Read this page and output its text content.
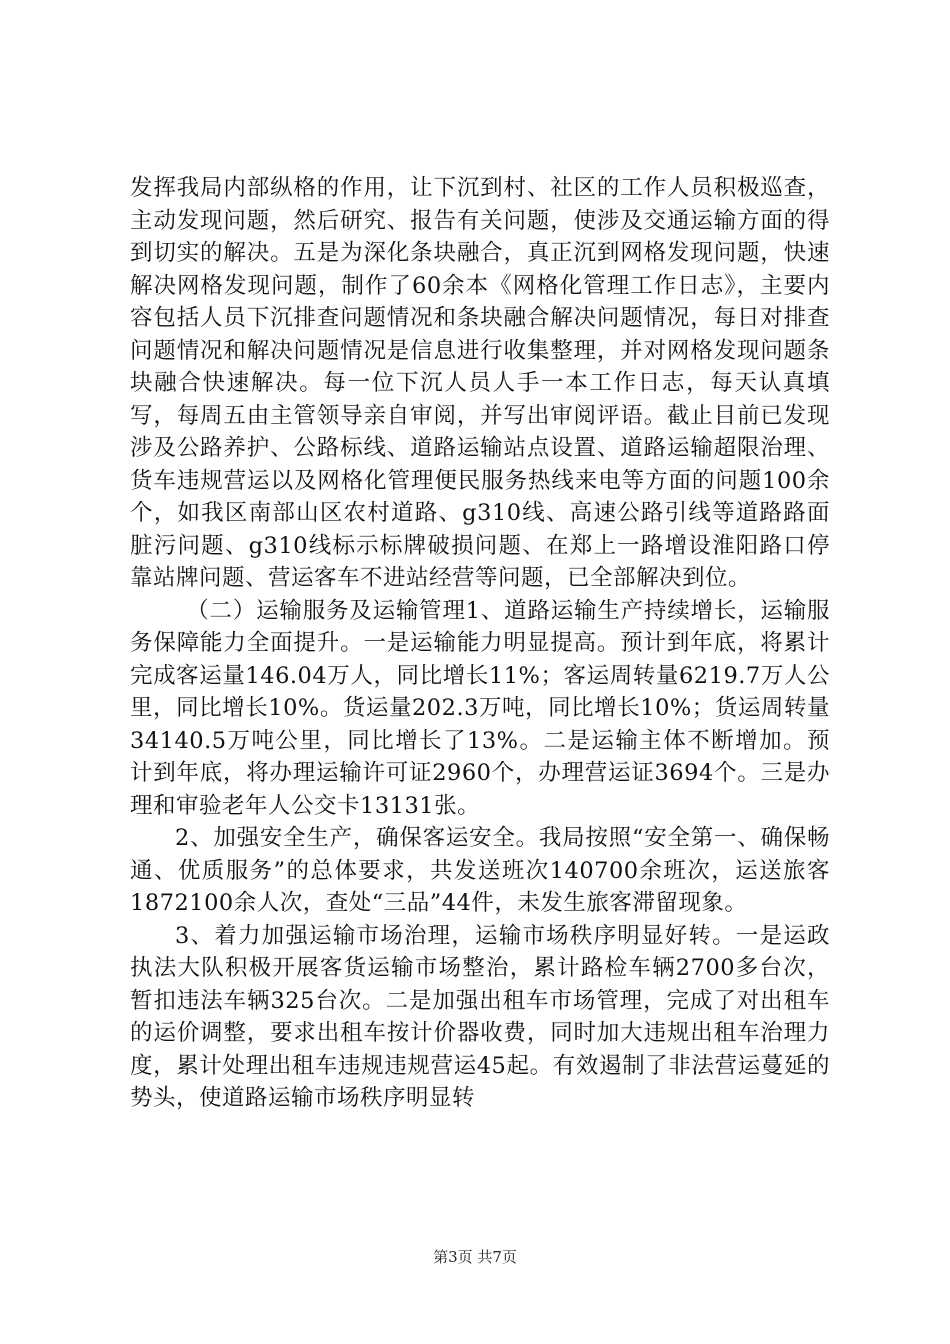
发挥我局内部纵格的作用，让下沉到村、社区的工作人员积极巡查，主动发现问题，然后研究、报告有关问题，使涉及交通运输方面的得到切实的解决。五是为深化条块融合，真正沉到网格发现问题，快速解决网格发现问题，制作了60余本《网格化管理工作日志》，主要内容包括人员下沉排查问题情况和条块融合解决问题情况，每日对排查问题情况和解决问题情况是信息进行收集整理，并对网格发现问题条块融合快速解决。每一位下沉人员人手一本工作日志，每天认真填写，每周五由主管领导亲自审阅，并写出审阅评语。截止目前已发现涉及公路养护、公路标线、道路运输站点设置、道路运输超限治理、货车违规营运以及网格化管理便民服务热线来电等方面的问题100余个，如我区南部山区农村道路、g310线、高速公路引线等道路路面脏污问题、g310线标示标牌破损问题、在郑上一路增设淮阳路口停靠站牌问题、营运客车不进站经营等问题，已全部解决到位。

（二）运输服务及运输管理1、道路运输生产持续增长，运输服务保障能力全面提升。一是运输能力明显提高。预计到年底，将累计完成客运量146.04万人，同比增长11%；客运周转量6219.7万人公里，同比增长10%。货运量202.3万吨，同比增长10%；货运周转量34140.5万吨公里，同比增长了13%。二是运输主体不断增加。预计到年底，将办理运输许可证2960个，办理营运证3694个。三是办理和审验老年人公交卡13131张。

2、加强安全生产，确保客运安全。我局按照“安全第一、确保畅通、优质服务”的总体要求，共发送班次140700余班次，运送旅客1872100余人次，查处“三品”44件，未发生旅客滞留现象。

3、着力加强运输市场治理，运输市场秩序明显好转。一是运政执法大队积极开展客货运输市场整治，累计路检车辆2700多台次，暂扣违法车辆325台次。二是加强出租车市场管理，完成了对出租车的运价调整，要求出租车按计价器收费，同时加大违规出租车治理力度，累计处理出租车违规违规营运45起。有效遏制了非法营运蔓延的势头，使道路运输市场秩序明显转

第3页 共7页
